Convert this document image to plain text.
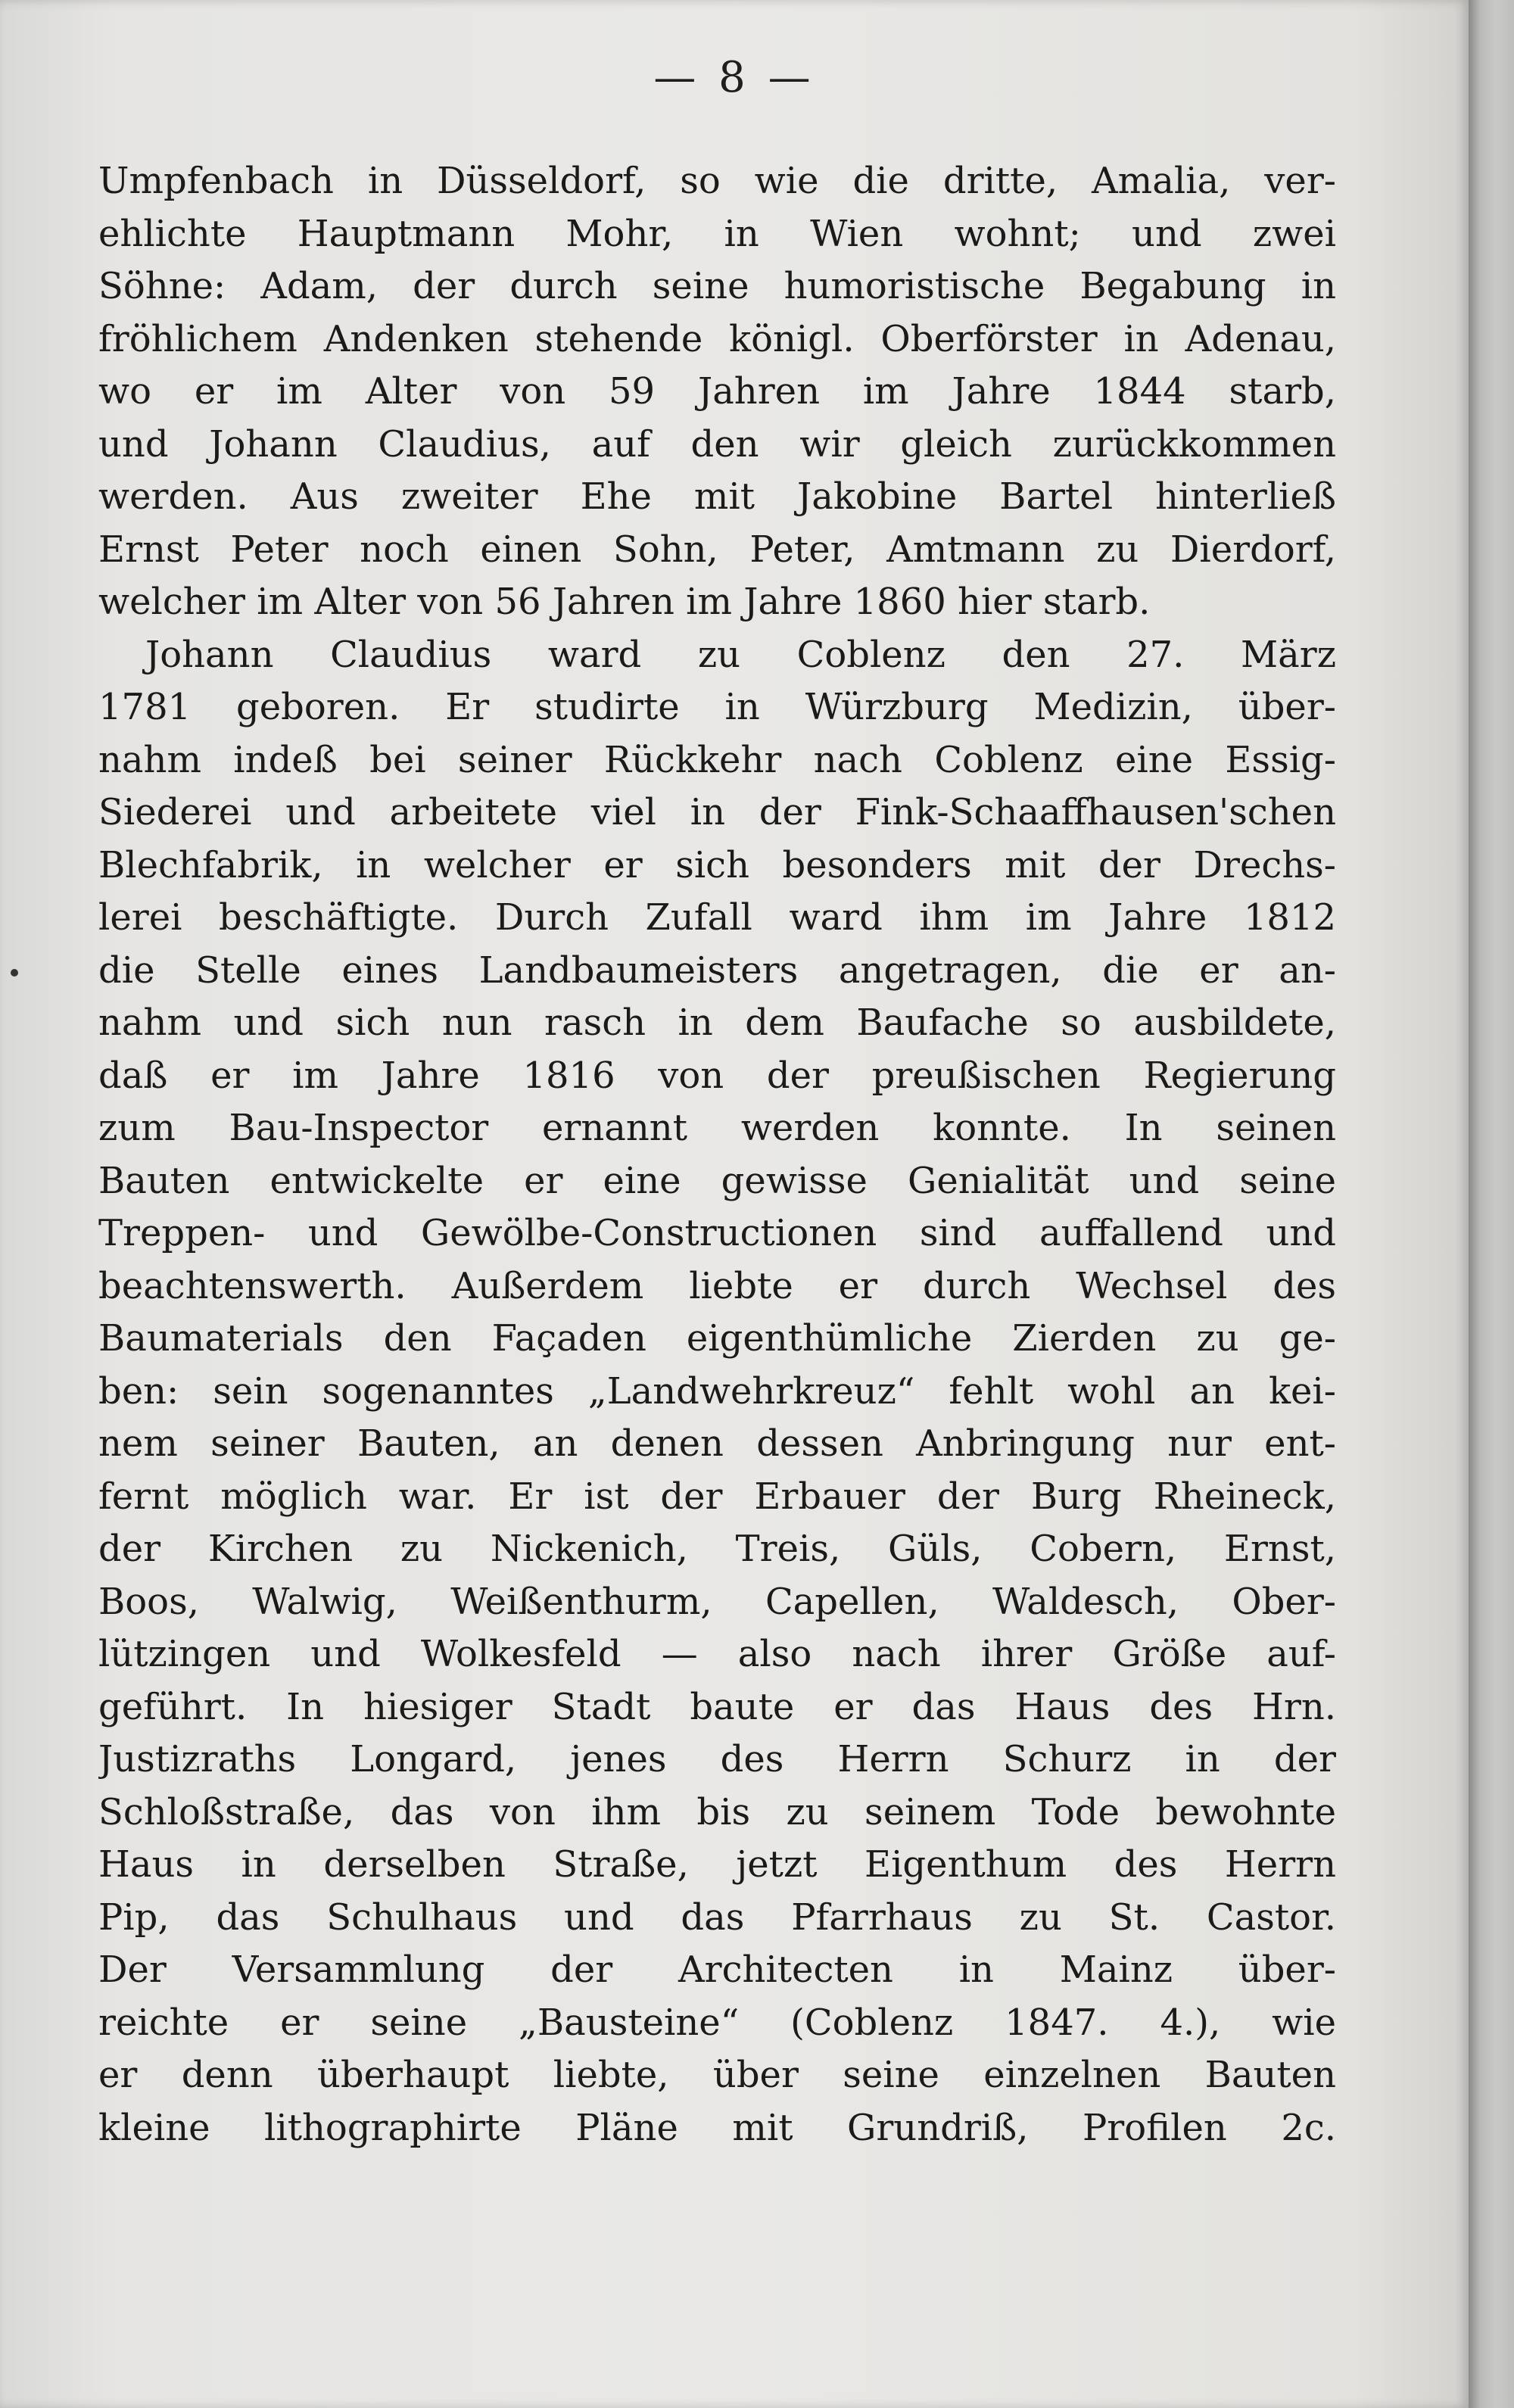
— 8 —
Umpfenbach in Düsseldorf, so wie die dritte, Amalia, ver-
ehlichte Hauptmann Mohr, in Wien wohnt; und zwei
Söhne: Adam, der durch seine humoristische Begabung in
fröhlichem Andenken stehende königl. Oberförster in Adenau,
wo er im Alter von 59 Jahren im Jahre 1844 starb,
und Johann Claudius, auf den wir gleich zurückkommen
werden. Aus zweiter Ehe mit Jakobine Bartel hinterließ
Ernst Peter noch einen Sohn, Peter, Amtmann zu Dierdorf,
welcher im Alter von 56 Jahren im Jahre 1860 hier starb.
Johann Claudius ward zu Coblenz den 27. März
1781 geboren. Er studirte in Würzburg Medizin, über-
nahm indeß bei seiner Rückkehr nach Coblenz eine Essig-
Siederei und arbeitete viel in der Fink-Schaaffhausen'schen
Blechfabrik, in welcher er sich besonders mit der Drechs-
lerei beschäftigte. Durch Zufall ward ihm im Jahre 1812
die Stelle eines Landbaumeisters angetragen, die er an-
nahm und sich nun rasch in dem Baufache so ausbildete,
daß er im Jahre 1816 von der preußischen Regierung
zum Bau-Inspector ernannt werden konnte. In seinen
Bauten entwickelte er eine gewisse Genialität und seine
Treppen- und Gewölbe-Constructionen sind auffallend und
beachtenswerth. Außerdem liebte er durch Wechsel des
Baumaterials den Façaden eigenthümliche Zierden zu ge-
ben: sein sogenanntes „Landwehrkreuz“ fehlt wohl an kei-
nem seiner Bauten, an denen dessen Anbringung nur ent-
fernt möglich war. Er ist der Erbauer der Burg Rheineck,
der Kirchen zu Nickenich, Treis, Güls, Cobern, Ernst,
Boos, Walwig, Weißenthurm, Capellen, Waldesch, Ober-
lützingen und Wolkesfeld — also nach ihrer Größe auf-
geführt. In hiesiger Stadt baute er das Haus des Hrn.
Justizraths Longard, jenes des Herrn Schurz in der
Schloßstraße, das von ihm bis zu seinem Tode bewohnte
Haus in derselben Straße, jetzt Eigenthum des Herrn
Pip, das Schulhaus und das Pfarrhaus zu St. Castor.
Der Versammlung der Architecten in Mainz über-
reichte er seine „Bausteine“ (Coblenz 1847. 4.), wie
er denn überhaupt liebte, über seine einzelnen Bauten
kleine lithographirte Pläne mit Grundriß, Profilen 2c.
